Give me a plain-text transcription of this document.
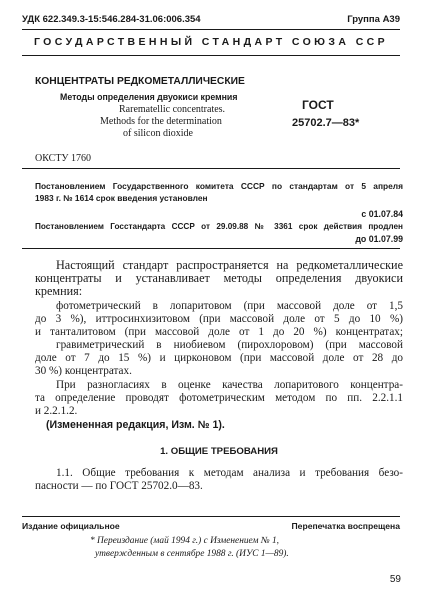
УДК 622.349.3-15:546.284-31.06:006.354	Группа А39
ГОСУДАРСТВЕННЫЙ СТАНДАРТ СОЮЗА ССР
КОНЦЕНТРАТЫ РЕДКОМЕТАЛЛИЧЕСКИЕ
Методы определения двуокиси кремния
Rarematellic concentrates.
Methods for the determination
of silicon dioxide
ГОСТ
25702.7—83*
ОКСТУ 1760
Постановлением Государственного комитета СССР по стандартам от 5 апреля
1983 г. № 1614 срок введения установлен
с 01.07.84
Постановлением Госстандарта СССР от 29.09.88 № 3361 срок действия продлен
до 01.07.99
Настоящий стандарт распространяется на редкометаллические
концентраты и устанавливает методы определения двуокиси
кремния:
фотометрический в лопаритовом (при массовой доле от 1,5
до 3 %), иттросинхизитовом (при массовой доле от 5 до 10 %)
и танталитовом (при массовой доле от 1 до 20 %) концентратах;
гравиметрический в ниобиевом (пирохлоровом) (при массовой
доле от 7 до 15 %) и цирконовом (при массовой доле от 28 до
30 %) концентратах.
При разногласиях в оценке качества лопаритового концентра-
та определение проводят фотометрическим методом по пп. 2.2.1.1
и 2.2.1.2.
(Измененная редакция, Изм. № 1).
1. ОБЩИЕ ТРЕБОВАНИЯ
1.1. Общие требования к методам анализа и требования безо-
пасности — по ГОСТ 25702.0—83.
Издание официальное	Перепечатка воспрещена
* Переиздание (май 1994 г.) с Изменением № 1,
утвержденным в сентябре 1988 г. (ИУС 1—89).
59
